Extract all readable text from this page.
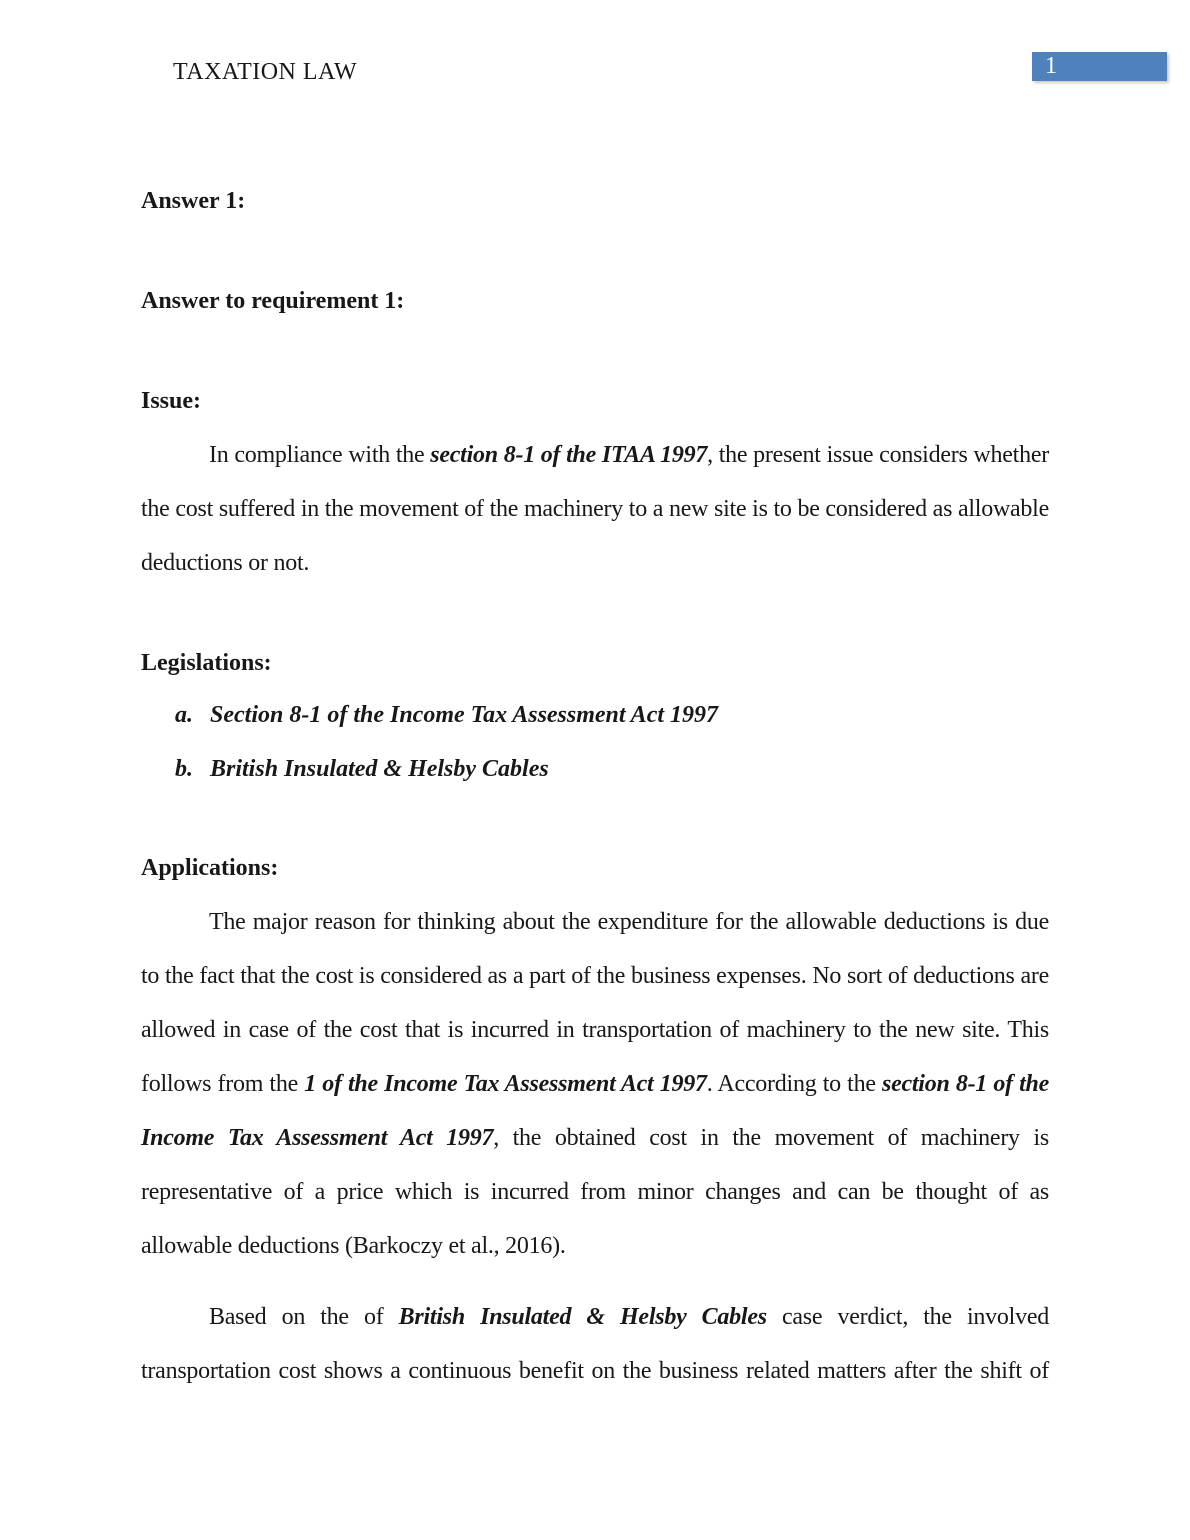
TAXATION LAW	1
Answer 1:
Answer to requirement 1:
Issue:
In compliance with the section 8-1 of the ITAA 1997, the present issue considers whether the cost suffered in the movement of the machinery to a new site is to be considered as allowable deductions or not.
Legislations:
a. Section 8-1 of the Income Tax Assessment Act 1997
b. British Insulated & Helsby Cables
Applications:
The major reason for thinking about the expenditure for the allowable deductions is due to the fact that the cost is considered as a part of the business expenses. No sort of deductions are allowed in case of the cost that is incurred in transportation of machinery to the new site. This follows from the 1 of the Income Tax Assessment Act 1997. According to the section 8-1 of the Income Tax Assessment Act 1997, the obtained cost in the movement of machinery is representative of a price which is incurred from minor changes and can be thought of as allowable deductions (Barkoczy et al., 2016).
Based on the of British Insulated & Helsby Cables case verdict, the involved transportation cost shows a continuous benefit on the business related matters after the shift of
